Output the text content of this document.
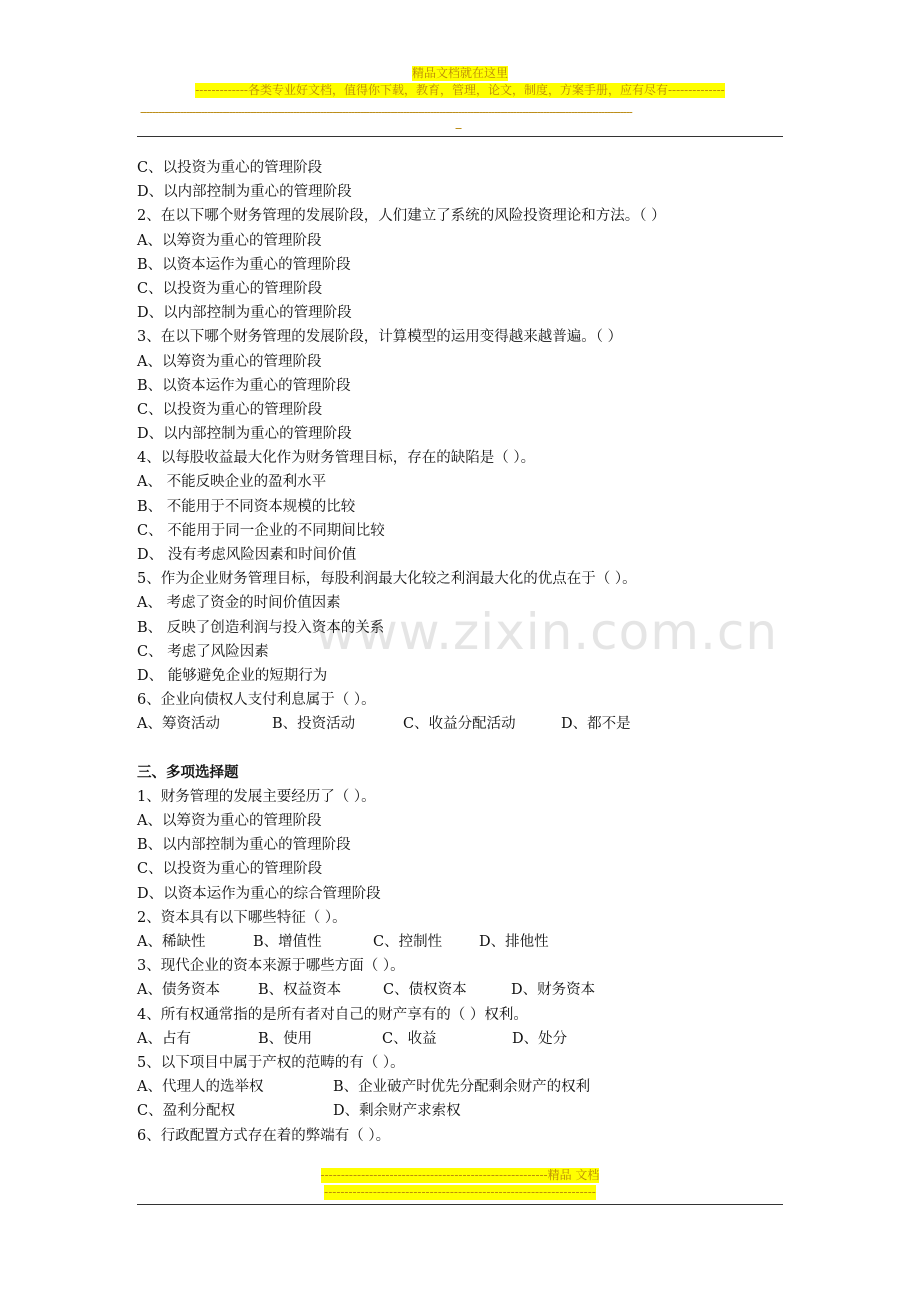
精品文档就在这里
-------------各类专业好文档，值得你下载，教育，管理，论文，制度，方案手册，应有尽有--------------
-----------------------------------------------------------------------------------------------------------------------------------------------------------------
--
www.zixin.com.cn
C、以投资为重心的管理阶段
D、以内部控制为重心的管理阶段
2、在以下哪个财务管理的发展阶段，人们建立了系统的风险投资理论和方法。（ ）
A、以筹资为重心的管理阶段
B、以资本运作为重心的管理阶段
C、以投资为重心的管理阶段
D、以内部控制为重心的管理阶段
3、在以下哪个财务管理的发展阶段，计算模型的运用变得越来越普遍。（ ）
A、以筹资为重心的管理阶段
B、以资本运作为重心的管理阶段
C、以投资为重心的管理阶段
D、以内部控制为重心的管理阶段
4、以每股收益最大化作为财务管理目标，存在的缺陷是（ ）。
A、 不能反映企业的盈利水平
B、 不能用于不同资本规模的比较
C、 不能用于同一企业的不同期间比较
D、 没有考虑风险因素和时间价值
5、作为企业财务管理目标，每股利润最大化较之利润最大化的优点在于（ ）。
A、 考虑了资金的时间价值因素
B、 反映了创造利润与投入资本的关系
C、 考虑了风险因素
D、 能够避免企业的短期行为
6、企业向债权人支付利息属于（ ）。
A、筹资活动	B、投资活动	C、收益分配活动	D、都不是
三、多项选择题
1、财务管理的发展主要经历了（ ）。
A、以筹资为重心的管理阶段
B、以内部控制为重心的管理阶段
C、以投资为重心的管理阶段
D、以资本运作为重心的综合管理阶段
2、资本具有以下哪些特征（ ）。
A、稀缺性	B、增值性	C、控制性	D、排他性
3、现代企业的资本来源于哪些方面（ ）。
A、债务资本	B、权益资本	C、债权资本	D、财务资本
4、所有权通常指的是所有者对自己的财产享有的（ ）权利。
A、占有	B、使用	C、收益	D、处分
5、以下项目中属于产权的范畴的有（ ）。
A、代理人的选举权	B、企业破产时优先分配剩余财产的权利
C、盈利分配权	D、剩余财产求索权
6、行政配置方式存在着的弊端有（ ）。
--------------------------------------------------------精品 文档
-------------------------------------------------------------------
